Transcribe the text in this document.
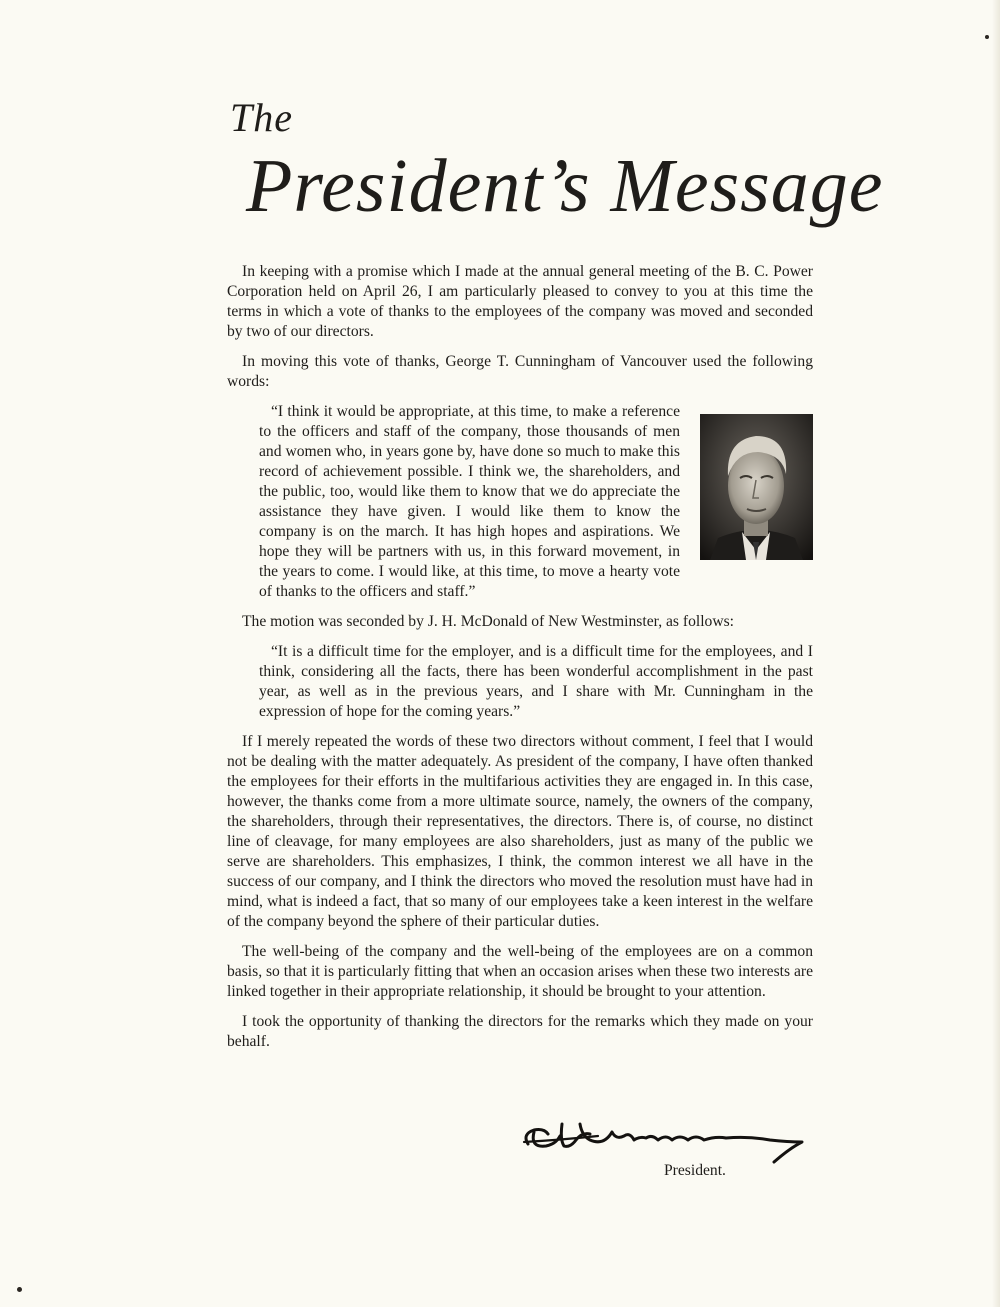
The
President’s Message

In keeping with a promise which I made at the annual general meeting of the B. C. Power Corporation held on April 26, I am particularly pleased to convey to you at this time the terms in which a vote of thanks to the employees of the company was moved and seconded by two of our directors.

In moving this vote of thanks, George T. Cunningham of Vancouver used the following words:

“I think it would be appropriate, at this time, to make a reference to the officers and staff of the company, those thousands of men and women who, in years gone by, have done so much to make this record of achievement possible. I think we, the shareholders, and the public, too, would like them to know that we do appreciate the assistance they have given. I would like them to know the company is on the march. It has high hopes and aspirations. We hope they will be partners with us, in this forward movement, in the years to come. I would like, at this time, to move a hearty vote of thanks to the officers and staff.”

The motion was seconded by J. H. McDonald of New Westminster, as follows:

“It is a difficult time for the employer, and is a difficult time for the employees, and I think, considering all the facts, there has been wonderful accomplishment in the past year, as well as in the previous years, and I share with Mr. Cunningham in the expression of hope for the coming years.”

If I merely repeated the words of these two directors without comment, I feel that I would not be dealing with the matter adequately. As president of the company, I have often thanked the employees for their efforts in the multifarious activities they are engaged in. In this case, however, the thanks come from a more ultimate source, namely, the owners of the company, the shareholders, through their representatives, the directors. There is, of course, no distinct line of cleavage, for many employees are also shareholders, just as many of the public we serve are shareholders. This emphasizes, I think, the common interest we all have in the success of our company, and I think the directors who moved the resolution must have had in mind, what is indeed a fact, that so many of our employees take a keen interest in the welfare of the company beyond the sphere of their particular duties.

The well-being of the company and the well-being of the employees are on a common basis, so that it is particularly fitting that when an occasion arises when these two interests are linked together in their appropriate relationship, it should be brought to your attention.

I took the opportunity of thanking the directors for the remarks which they made on your behalf.

President.
